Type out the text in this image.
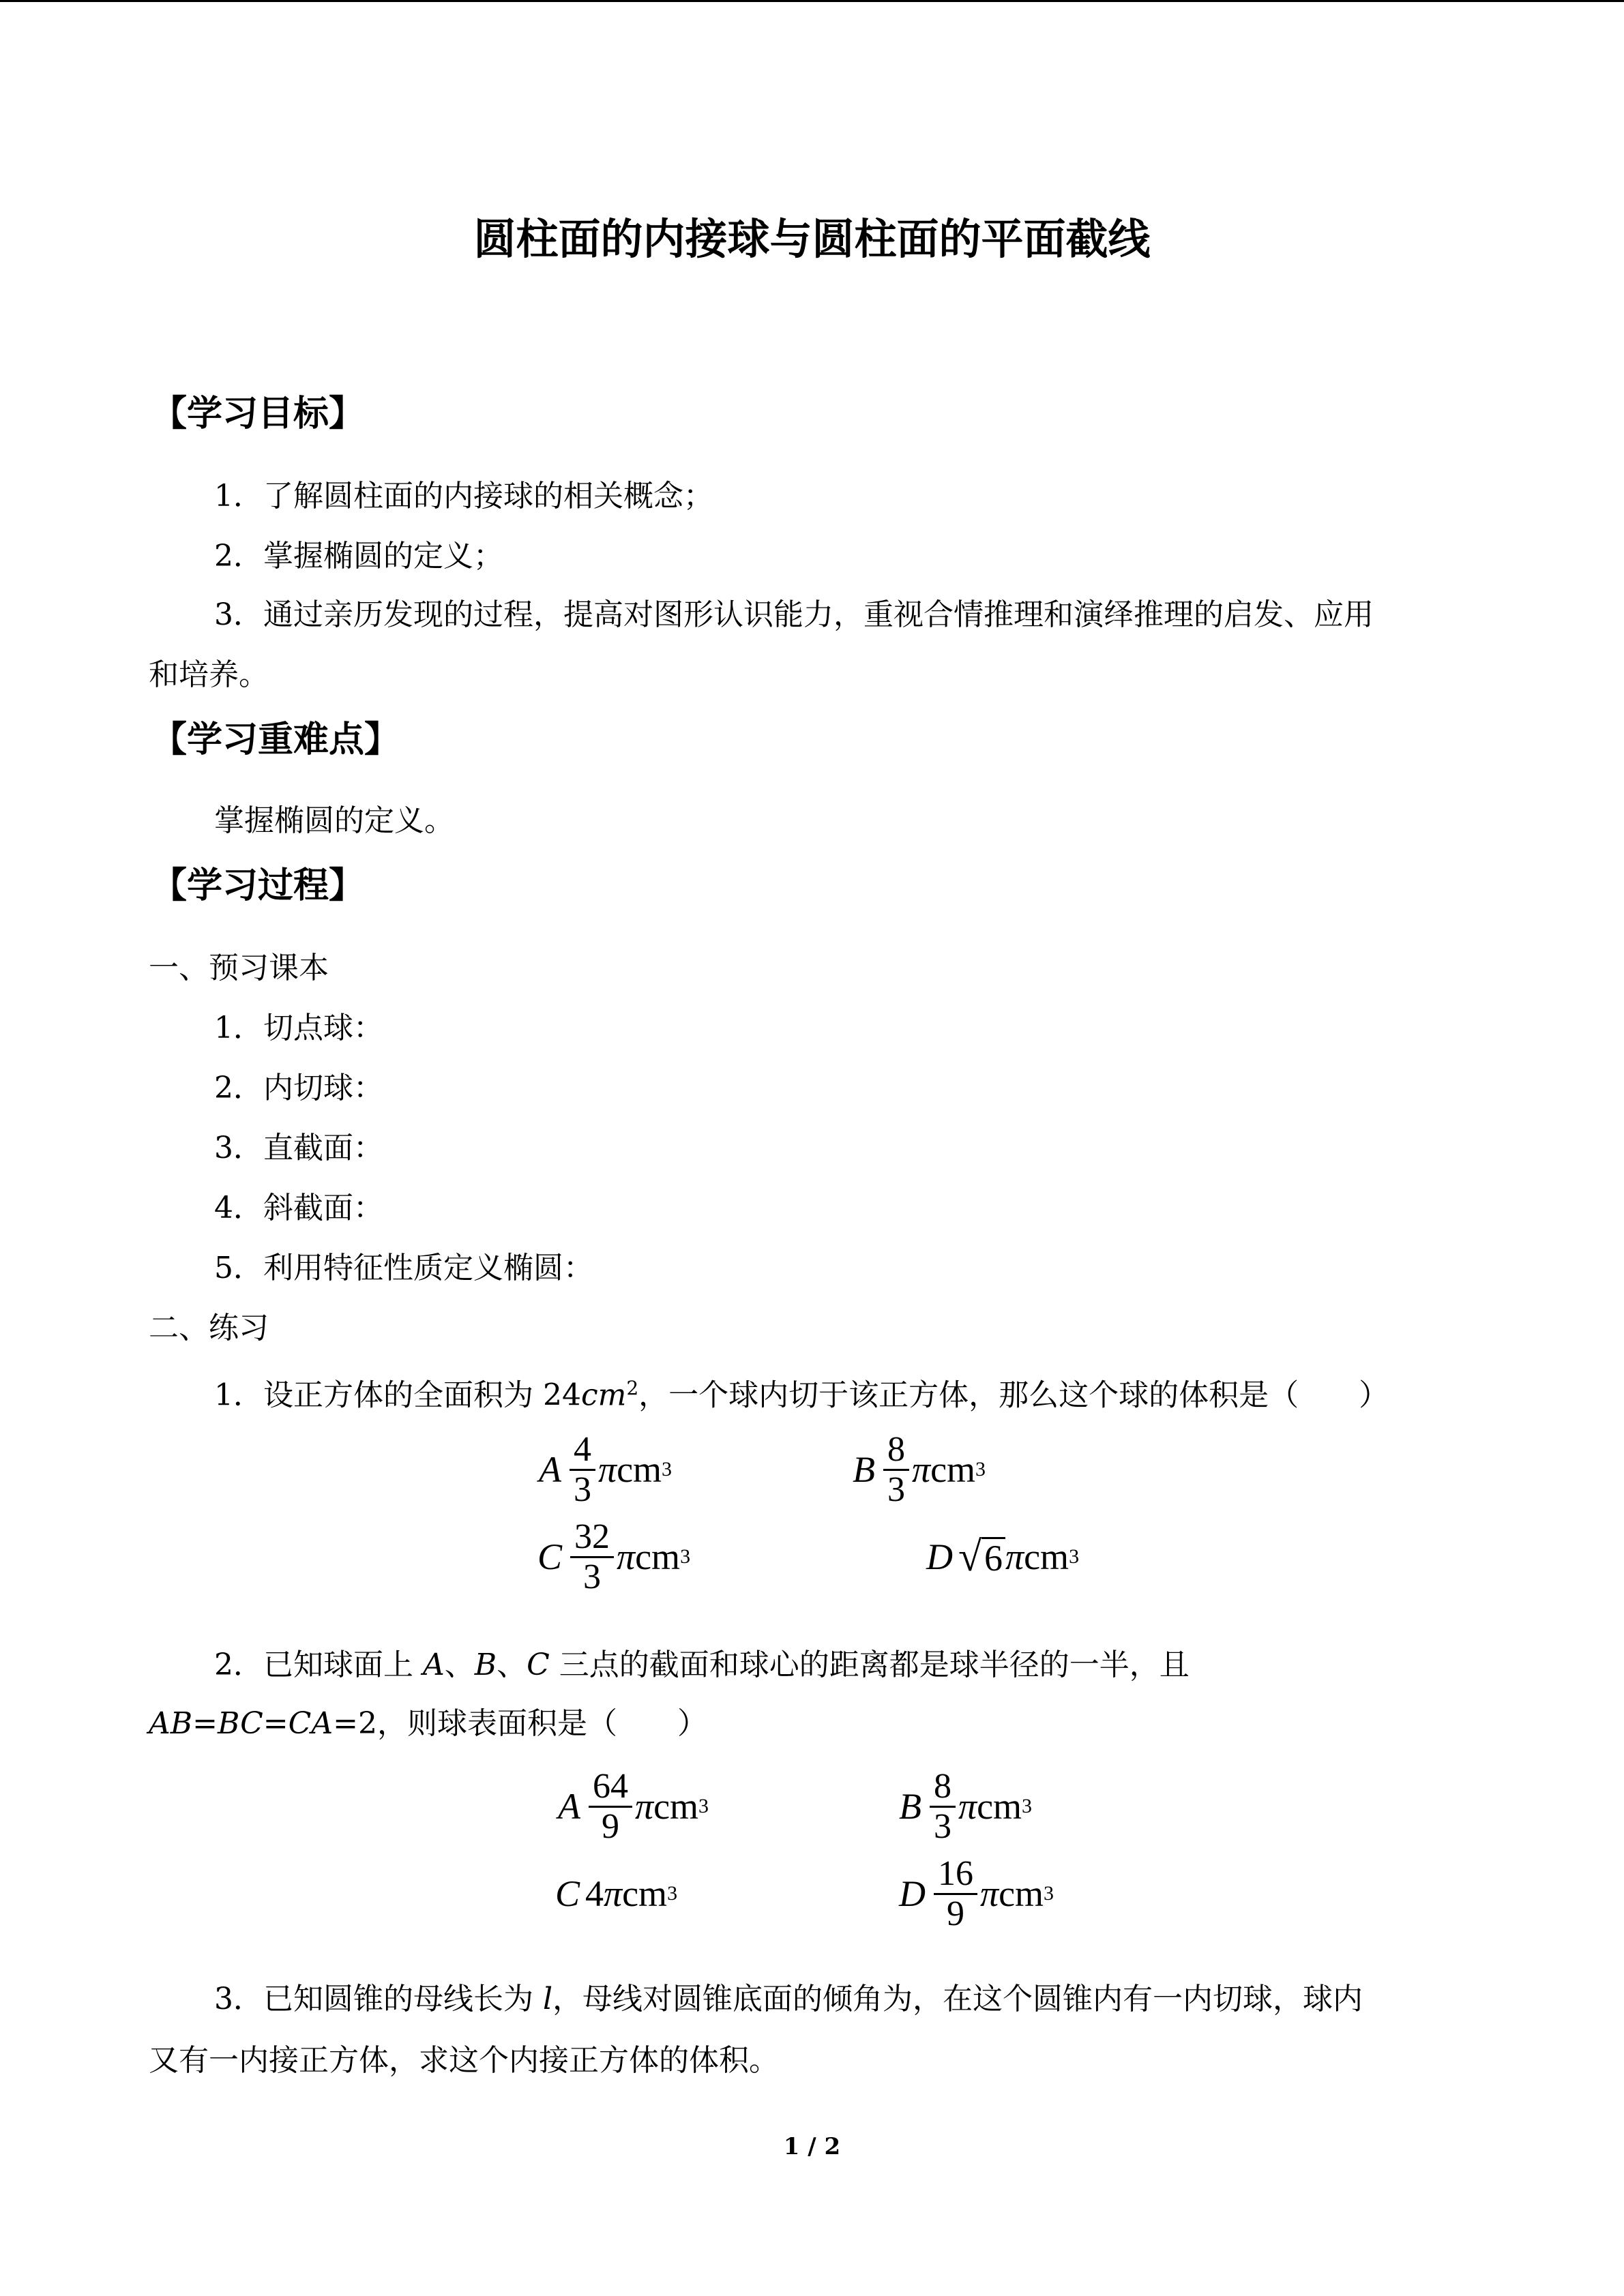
圆柱面的内接球与圆柱面的平面截线
【学习目标】
1．了解圆柱面的内接球的相关概念；
2．掌握椭圆的定义；
3．通过亲历发现的过程，提高对图形认识能力，重视合情推理和演绎推理的启发、应用
和培养。
【学习重难点】
掌握椭圆的定义。
【学习过程】
一、预习课本
1．切点球：
2．内切球：
3．直截面：
4．斜截面：
5．利用特征性质定义椭圆：
二、练习
1．设正方体的全面积为 $24cm^2$，一个球内切于该正方体，那么这个球的体积是（　　）
A $\frac{4}{3}$ π cm 3	B $\frac{8}{3}$ π cm 3
C $\frac{32}{3}$ π cm 3	D √ 6 π cm 3
2．已知球面上 A、B、C 三点的截面和球心的距离都是球半径的一半，且
AB=BC=CA=2，则球表面积是（　　）
A $\frac{64}{9}$ π cm 3	B $\frac{8}{3}$ π cm 3
C 4 π cm 3	D $\frac{16}{9}$ π cm 3
3．已知圆锥的母线长为 l，母线对圆锥底面的倾角为，在这个圆锥内有一内切球，球内
又有一内接正方体，求这个内接正方体的体积。
1 / 2
